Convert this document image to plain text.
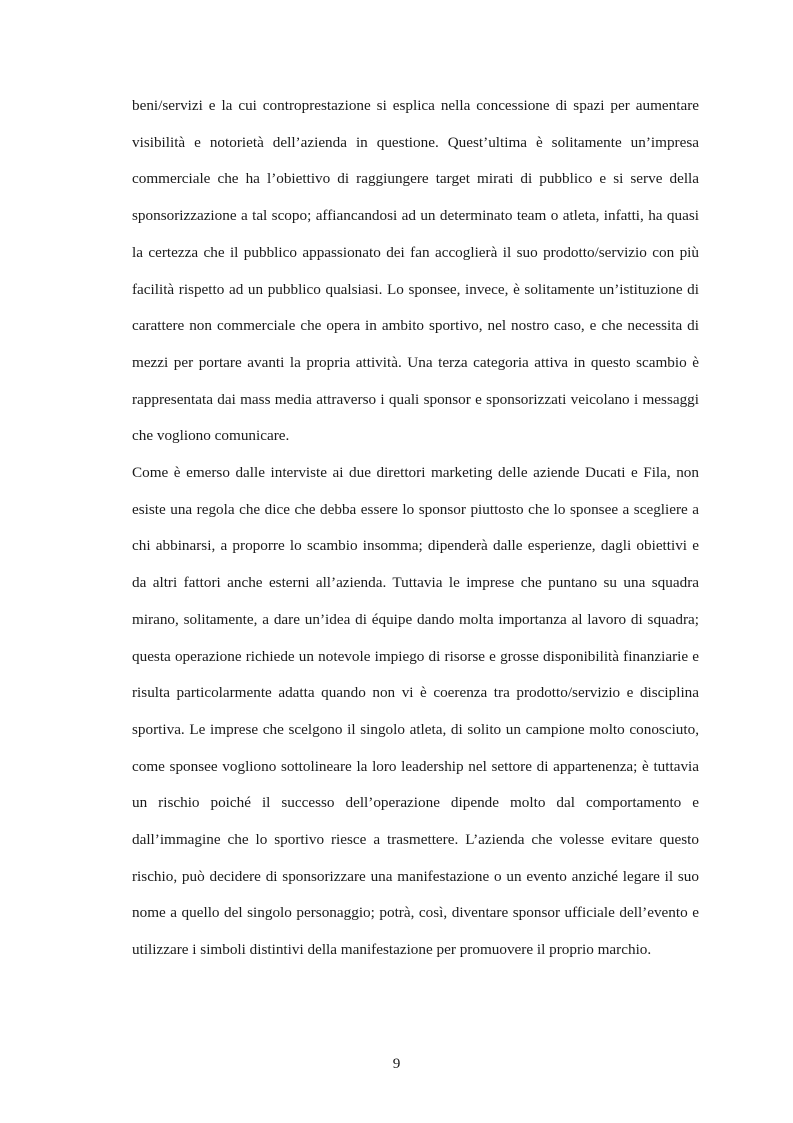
beni/servizi e la cui controprestazione si esplica nella concessione di spazi per aumentare visibilità e notorietà dell’azienda in questione. Quest’ultima è solitamente un’impresa commerciale che ha l’obiettivo di raggiungere target mirati di pubblico e si serve della sponsorizzazione a tal scopo; affiancandosi ad un determinato team o atleta, infatti, ha quasi la certezza che il pubblico appassionato dei fan accoglierà il suo prodotto/servizio con più facilità rispetto ad un pubblico qualsiasi. Lo sponsee, invece, è solitamente un’istituzione di carattere non commerciale che opera in ambito sportivo, nel nostro caso, e che necessita di mezzi per portare avanti la propria attività. Una terza categoria attiva in questo scambio è rappresentata dai mass media attraverso i quali sponsor e sponsorizzati veicolano i messaggi che vogliono comunicare.

Come è emerso dalle interviste ai due direttori marketing delle aziende Ducati e Fila, non esiste una regola che dice che debba essere lo sponsor piuttosto che lo sponsee a scegliere a chi abbinarsi, a proporre lo scambio insomma; dipenderà dalle esperienze, dagli obiettivi e da altri fattori anche esterni all’azienda. Tuttavia le imprese che puntano su una squadra mirano, solitamente, a dare un’idea di équipe dando molta importanza al lavoro di squadra; questa operazione richiede un notevole impiego di risorse e grosse disponibilità finanziarie e risulta particolarmente adatta quando non vi è coerenza tra prodotto/servizio e disciplina sportiva. Le imprese che scelgono il singolo atleta, di solito un campione molto conosciuto, come sponsee vogliono sottolineare la loro leadership nel settore di appartenenza; è tuttavia un rischio poiché il successo dell’operazione dipende molto dal comportamento e dall’immagine che lo sportivo riesce a trasmettere. L’azienda che volesse evitare questo rischio, può decidere di sponsorizzare una manifestazione o un evento anziché legare il suo nome a quello del singolo personaggio; potrà, così, diventare sponsor ufficiale dell’evento e utilizzare i simboli distintivi della manifestazione per promuovere il proprio marchio.

9
